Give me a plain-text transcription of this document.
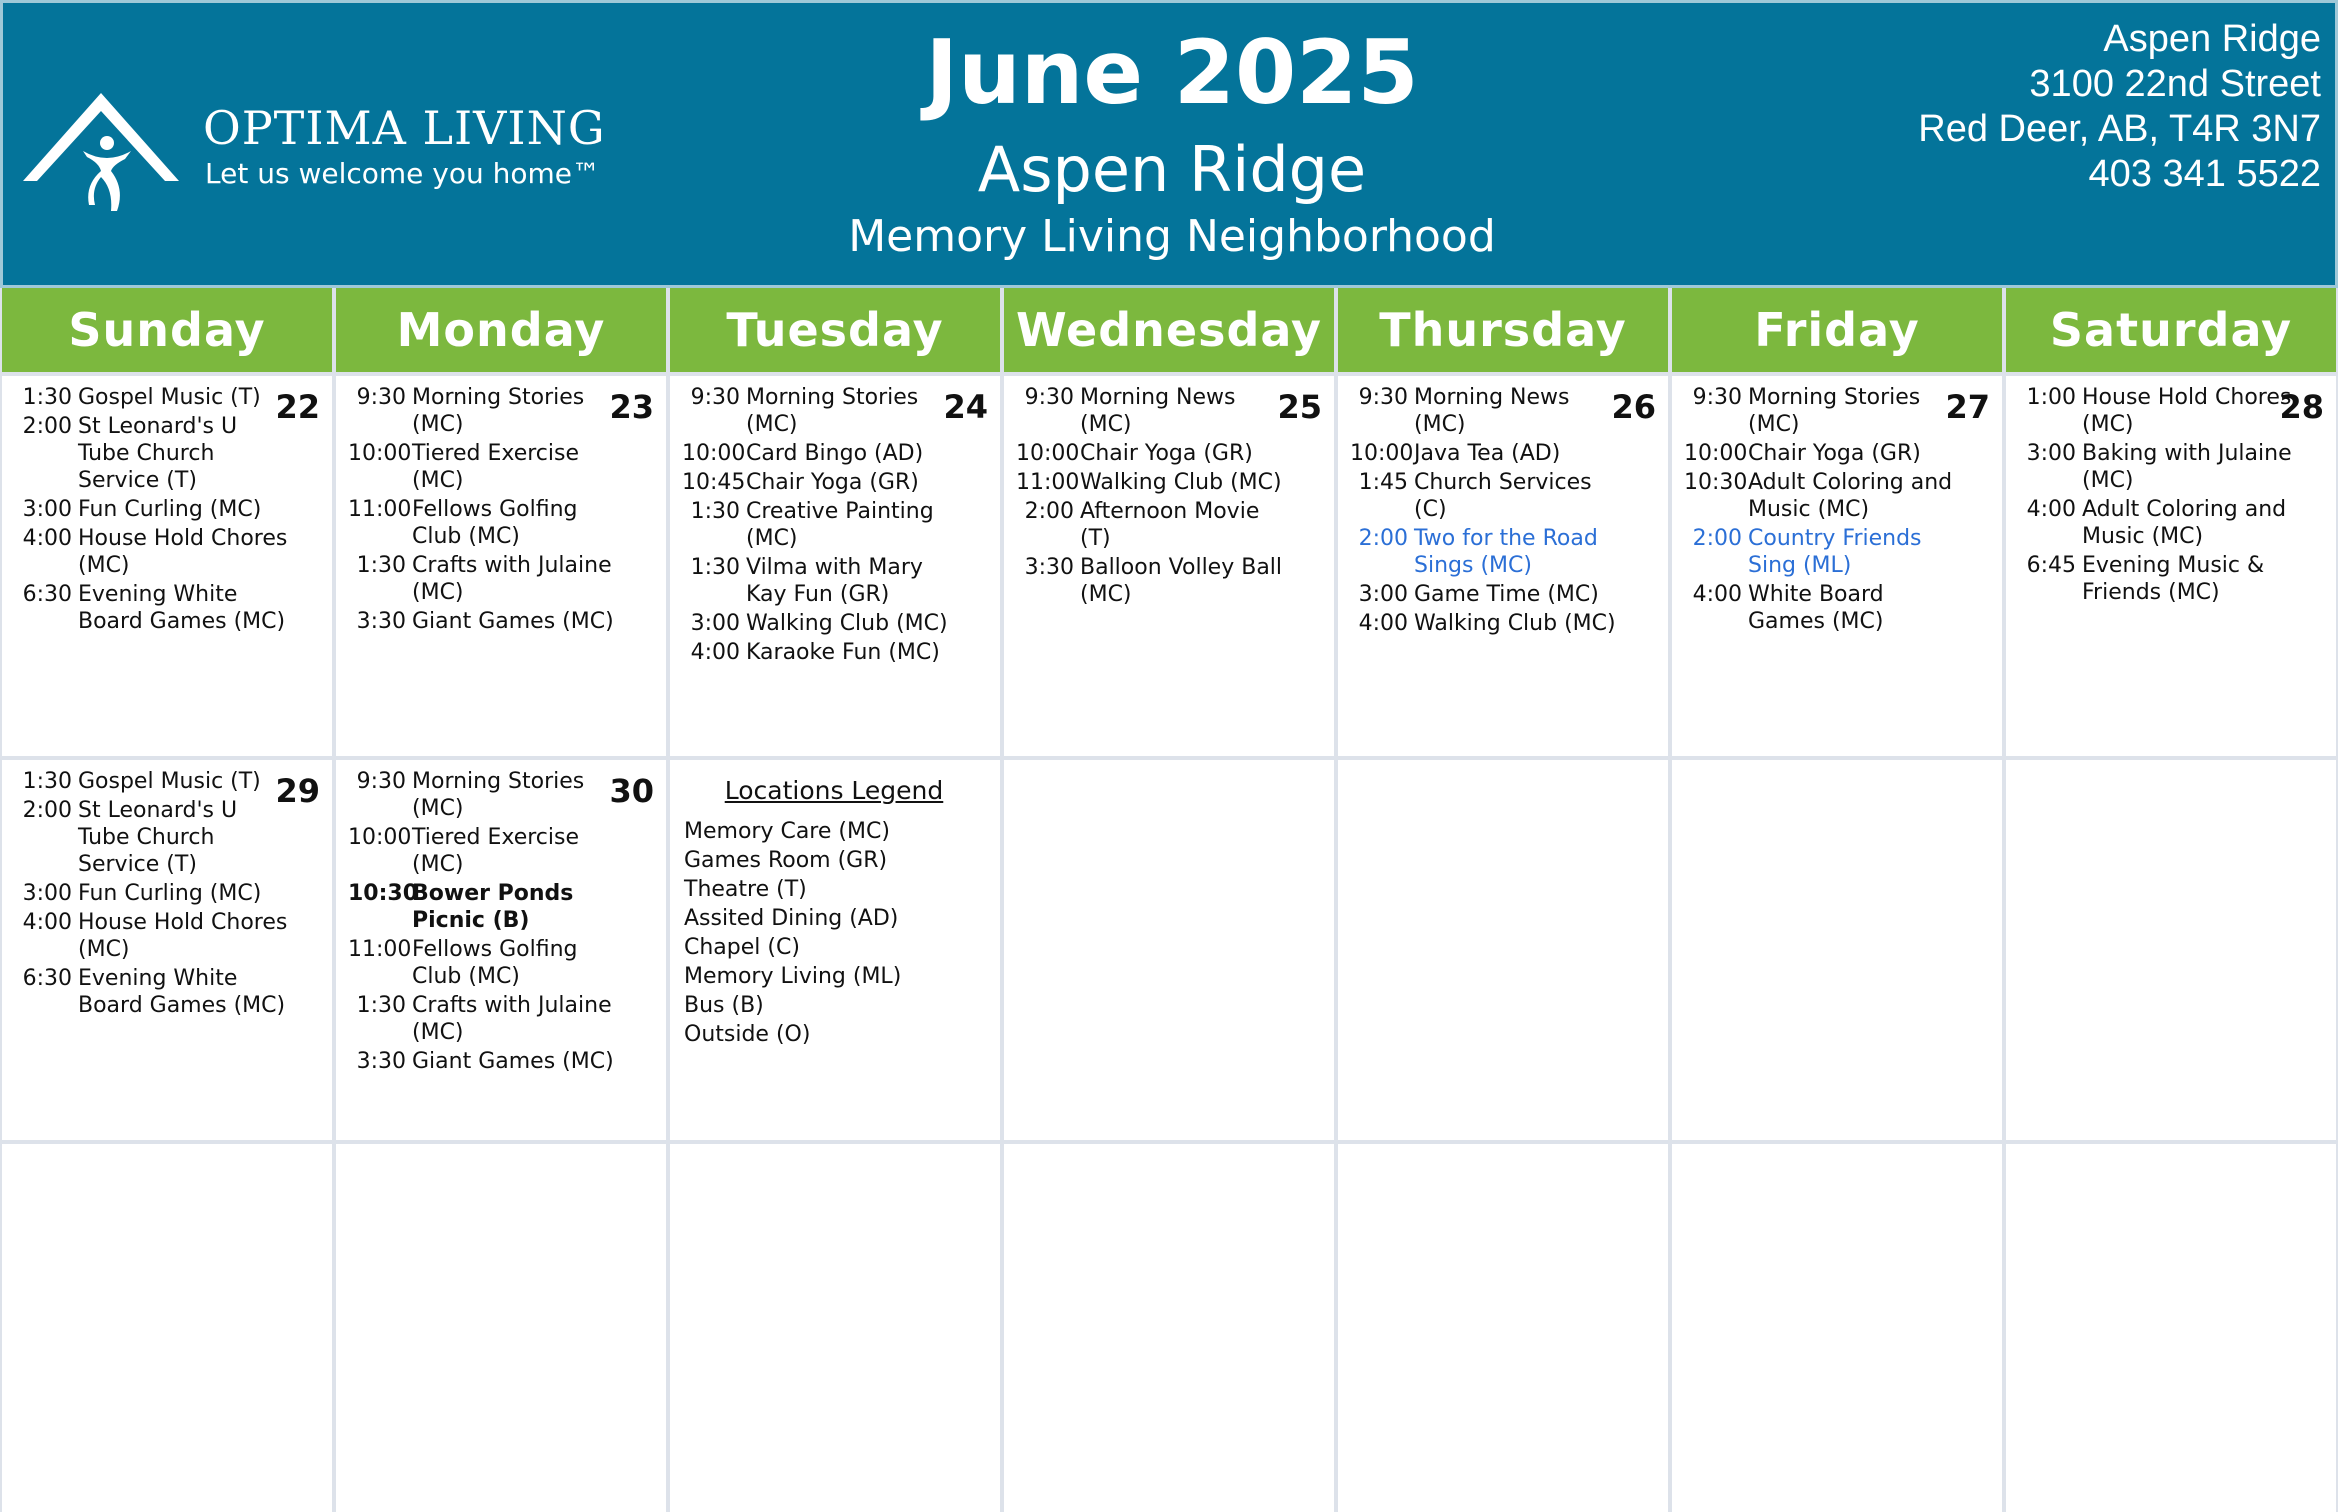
OPTIMA LIVING
Let us welcome you home™
June 2025
Aspen Ridge
Memory Living Neighborhood
Aspen Ridge
3100 22nd Street
Red Deer, AB, T4R 3N7
403 341 5522
Sunday	Monday	Tuesday	Wednesday	Thursday	Friday	Saturday
22
1:30 Gospel Music (T)
2:00 St Leonard's U Tube Church Service (T)
3:00 Fun Curling (MC)
4:00 House Hold Chores (MC)
6:30 Evening White Board Games (MC)
23
9:30 Morning Stories (MC)
10:00 Tiered Exercise (MC)
11:00 Fellows Golfing Club (MC)
1:30 Crafts with Julaine (MC)
3:30 Giant Games (MC)
24
9:30 Morning Stories (MC)
10:00 Card Bingo (AD)
10:45 Chair Yoga (GR)
1:30 Creative Painting (MC)
1:30 Vilma with Mary Kay Fun (GR)
3:00 Walking Club (MC)
4:00 Karaoke Fun (MC)
25
9:30 Morning News (MC)
10:00 Chair Yoga (GR)
11:00 Walking Club (MC)
2:00 Afternoon Movie (T)
3:30 Balloon Volley Ball (MC)
26
9:30 Morning News (MC)
10:00 Java Tea (AD)
1:45 Church Services (C)
2:00 Two for the Road Sings (MC)
3:00 Game Time (MC)
4:00 Walking Club (MC)
27
9:30 Morning Stories (MC)
10:00 Chair Yoga (GR)
10:30 Adult Coloring and Music (MC)
2:00 Country Friends Sing (ML)
4:00 White Board Games (MC)
28
1:00 House Hold Chores (MC)
3:00 Baking with Julaine (MC)
4:00 Adult Coloring and Music (MC)
6:45 Evening Music & Friends (MC)
29
1:30 Gospel Music (T)
2:00 St Leonard's U Tube Church Service (T)
3:00 Fun Curling (MC)
4:00 House Hold Chores (MC)
6:30 Evening White Board Games (MC)
30
9:30 Morning Stories (MC)
10:00 Tiered Exercise (MC)
10:30
Bower Ponds Picnic (B)
11:00 Fellows Golfing Club (MC)
1:30 Crafts with Julaine (MC)
3:30 Giant Games (MC)
Locations Legend
Memory Care (MC)
Games Room (GR)
Theatre (T)
Assited Dining (AD)
Chapel (C)
Memory Living (ML)
Bus (B)
Outside (O)
